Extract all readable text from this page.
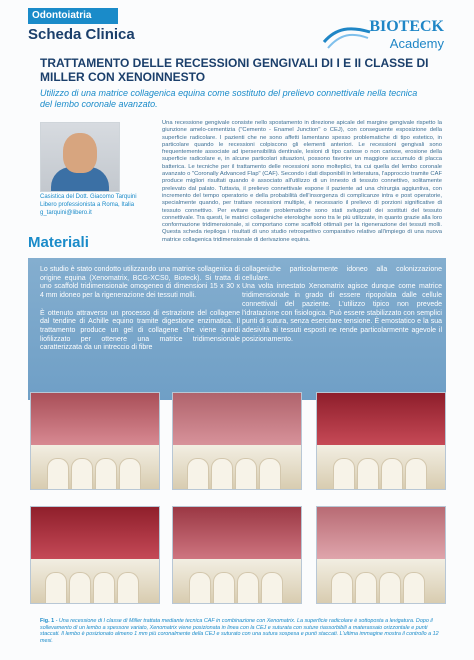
Odontoiatria
Scheda Clinica	BIOTECK
Academy
TRATTAMENTO DELLE RECESSIONI GENGIVALI DI I E II CLASSE DI MILLER CON XENOINNESTO
Utilizzo di una matrice collagenica equina come sostituto del prelievo connettivale nella tecnica del lembo coronale avanzato.
Casistica del Dott. Giacomo Tarquini
Libero professionista a Roma, Italia
g_tarquini@libero.it
Una recessione gengivale consiste nello spostamento in direzione apicale del margine gengivale rispetto la giunzione amelo-cementizia ("Cemento - Enamel Junction" o CEJ), con conseguente esposizione della superficie radicolare. I pazienti che ne sono affetti lamentano spesso problematiche di tipo estetico, in particolare quando le recessioni colpiscono gli elementi anteriori. Le recessioni gengivali sono frequentemente associate ad ipersensibilità dentinale, lesioni di tipo cariose o non cariose, erosione della superficie radicolare e, in alcune particolari situazioni, possono favorire un maggiore accumulo di placca batterica. Le tecniche per il trattamento delle recessioni sono molteplici, tra cui quella del lembo coronale avanzato o "Coronally Advanced Flap" (CAF). Secondo i dati disponibili in letteratura, l'approccio tramite CAF produce migliori risultati quando è associato all'utilizzo di un innesto di tessuto connettivo, solitamente prelevato dal palato. Tuttavia, il prelievo connettivale espone il paziente ad una chirurgia aggiuntiva, con incremento del tempo operatorio e della probabilità dell'insorgenza di complicanze intra e post operatorie, specialmente quando, per trattare recessioni multiple, è necessario il prelievo di porzioni significative di tessuto connettivo. Per evitare queste problematiche sono stati sviluppati dei sostituti del tessuto connettivale. Tra questi, le matrici collageniche eterologhe sono tra le più utilizzate, in quanto grazie alla loro conformazione tridimensionale, si comportano come scaffold ottimali per la rigenerazione dei tessuti molli. Questa scheda riepiloga i risultati di uno studio retrospettivo comparativo relativo all'impiego di una nuova matrice collagenica tridimensionale di derivazione equina.
Materiali
Lo studio è stato condotto utilizzando una matrice collagenica di origine equina (Xenomatrix, BCG-XCS0, Bioteck). Si tratta di uno scaffold tridimensionale omogeneo di dimensioni 15 x 30 x 4 mm idoneo per la rigenerazione dei tessuti molli.

È ottenuto attraverso un processo di estrazione del collagene dal tendine di Achille equino tramite digestione enzimatica. Il trattamento produce un gel di collagene che viene quindi liofilizzato per ottenere una matrice tridimensionale caratterizzata da un intreccio di fibre
collageniche particolarmente idoneo alla colonizzazione cellulare.
Una volta innestato Xenomatrix agisce dunque come matrice tridimensionale in grado di essere ripopolata dalle cellule connettivali del paziente. L'utilizzo tipico non prevede l'idratazione con fisiologica. Può essere stabilizzato con semplici punti di sutura, senza esercitare tensione. È emostatico e la sua adesività ai tessuti esposti ne rende particolarmente agevole il posizionamento.
Fig. 1 - Una recessione di I classe di Miller trattata mediante tecnica CAF in combinazione con Xenomatrix. La superficie radicolare è sottoposta a levigatura. Dopo il sollevamento di un lembo a spessore variato, Xenomatrix viene posizionata in linea con la CEJ e suturata con suture riassorbibili a materassaio orizzontale e punti staccati. Il lembo è posizionato almeno 1 mm più coronalmente della CEJ e suturato con una sutura sospesa e punti staccati. L'ultima immagine mostra il controllo a 12 mesi.
